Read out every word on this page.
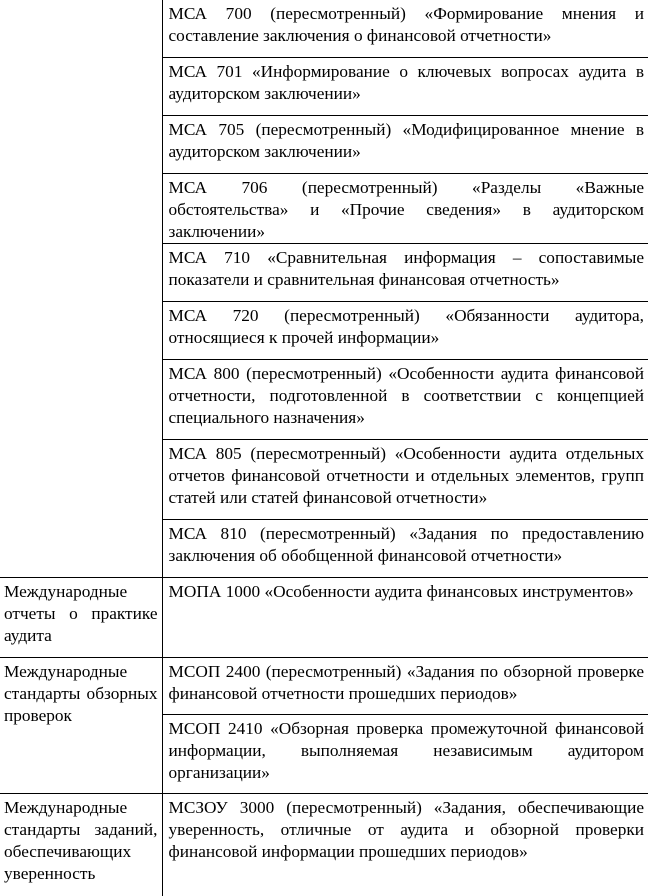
	МСА 700 (пересмотренный) «Формирование мнения и составление заключения о финансовой отчетности»
	МСА 701 «Информирование о ключевых вопросах аудита в аудиторском заключении»
	МСА 705 (пересмотренный) «Модифицированное мнение в аудиторском заключении»
	МСА 706 (пересмотренный) «Разделы «Важные обстоятельства» и «Прочие сведения» в аудиторском заключении»
	МСА 710 «Сравнительная информация – сопоставимые показатели и сравнительная финансовая отчетность»
	МСА 720 (пересмотренный) «Обязанности аудитора, относящиеся к прочей информации»
	МСА 800 (пересмотренный) «Особенности аудита финансовой отчетности, подготовленной в соответствии с концепцией специального назначения»
	МСА 805 (пересмотренный) «Особенности аудита отдельных отчетов финансовой отчетности и отдельных элементов, групп статей или статей финансовой отчетности»
	МСА 810 (пересмотренный) «Задания по предоставлению заключения об обобщенной финансовой отчетности»

Международные отчеты о практике аудита	МОПА 1000 «Особенности аудита финансовых инструментов»

Международные стандарты обзорных проверок	МСОП 2400 (пересмотренный) «Задания по обзорной проверке финансовой отчетности прошедших периодов»
	МСОП 2410 «Обзорная проверка промежуточной финансовой информации, выполняемая независимым аудитором организации»

Международные стандарты заданий, обеспечивающих уверенность	МСЗОУ 3000 (пересмотренный) «Задания, обеспечивающие уверенность, отличные от аудита и обзорной проверки финансовой информации прошедших периодов»
